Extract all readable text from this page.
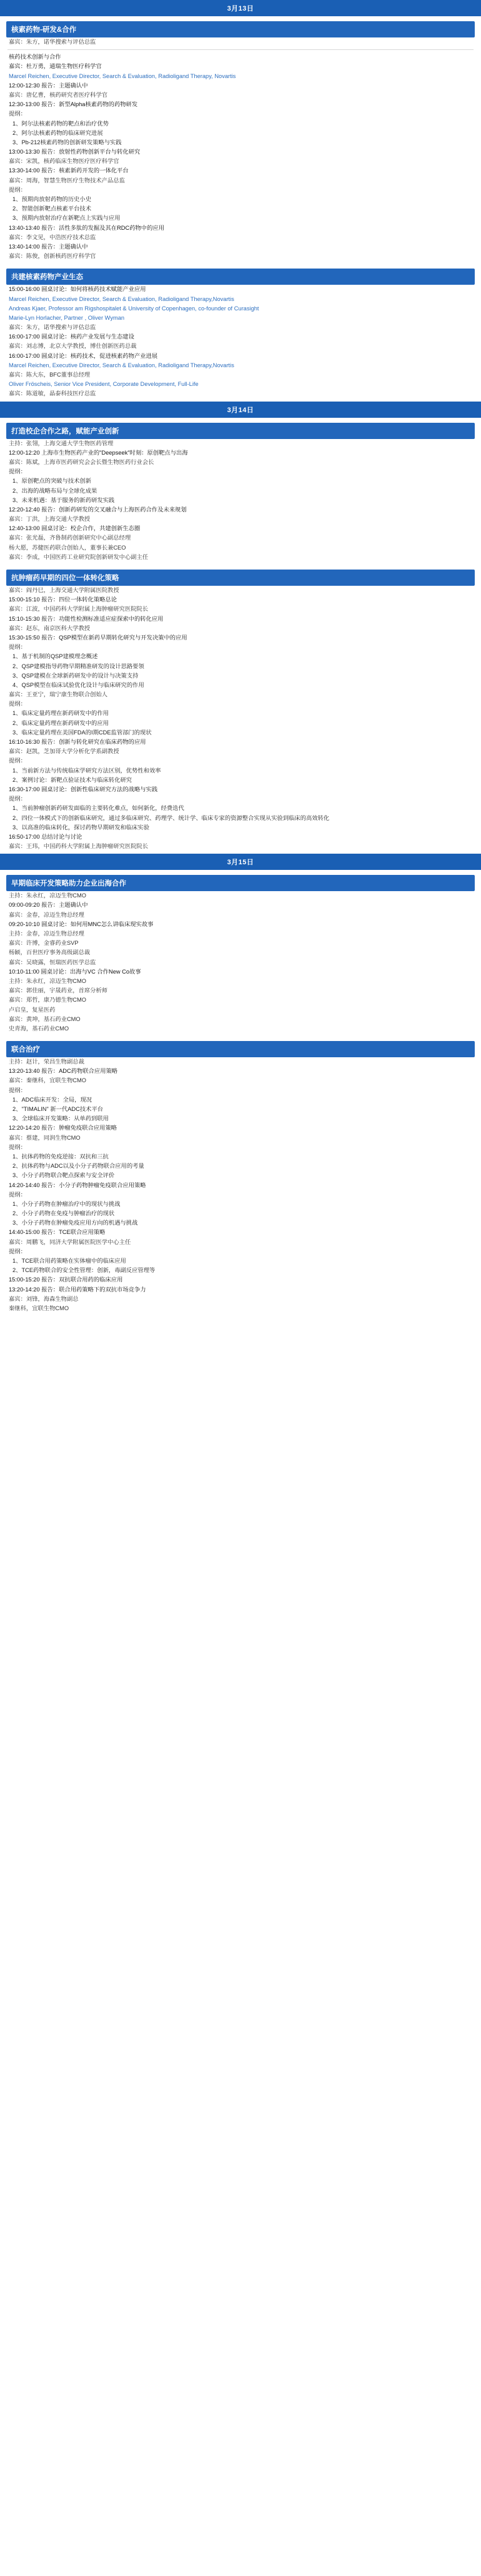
3月13日
核素药物-研发&合作
嘉宾：朱方，诺华搜索与评估总监
核药技术创新与合作
嘉宾：杜万勇，通瑞生物医疗科学官
Marcel Reichen, Executive Director, Search & Evaluation, Radioligand Therapy, Novartis
12:00-12:30 报告：主题确认中
嘉宾：唐亿曹，核药研究者医疗科学官
12:30-13:00 报告：新型Alpha核素药物的药物研发
提纲：
1、阿尔法核素药物的靶点和治疗优势
2、阿尔法核素药物的临床研究进展
3、Pb-212核素药物的创新研发策略与实践
13:00-13:30 报告：放射性药物创新平台与转化研究
嘉宾：宋凯，核药临床生物医疗医疗科学官
13:30-14:00 报告：核素新药开发的一体化平台
嘉宾：周海，智慧生物医疗生物技术产品总监
提纲：
1、预期肉放射药物的历史小史
2、智能创新靶点核素平台技术
3、预期内放射治疗在新靶点上实践与应用
13:40-13:40 报告：活性多肽的发掘及其在RDC药物中的应用
嘉宾：李文见，中浩医疗技术总监
13:40-14:00 报告：主题确认中
嘉宾：陈俊，创新核药医疗科学官
共建核素药物产业生态
15:00-16:00 圆桌讨论：如何将核药技术赋能产业应用
Marcel Reichen, Executive Director, Search & Evaluation, Radioligand Therapy,Novartis
Andreas Kjaer, Professor am Rigshospitalet & University of Copenhagen, co-founder of Curasight
Marie-Lyn Horlacher, Partner , Oliver Wyman
嘉宾：朱方，诺华搜索与评估总监
16:00-17:00 圆桌讨论：核药产业发展与生态建设
嘉宾：刘志博，北京大学教授，博仕创新医药总裁
16:00-17:00 圆桌讨论：核药技术，促进核素药物产业进展
Marcel Reichen, Executive Director, Search & Evaluation, Radioligand Therapy,Novartis
嘉宾：陈大东，BFC董事总经理
Oliver Fröscheis, Senior Vice President, Corporate Development, Full-Life
嘉宾：陈道敏，晶泰科技医疗总监
3月14日
打造校企合作之路，赋能产业创新
主持：张翎，上海交通大学生物医药管理
12:00-12:20 上海市生物医药产业的"Deepseek"时刻：原创靶点与出海
嘉宾：陈斌，上海市医药研究会会长暨生物医药行业会长
提纲：
1、原创靶点的突破与技术创新
2、出海的战略布局与全球化成果
3、未来机遇：基于服务的新药研发实践
12:20-12:40 报告：创新药研发的交叉融合与上海医药合作及未来规划
嘉宾：丁洪，上海交通大学教授
12:40-13:00 圆桌讨论：校企合作，共建创新生态圈
嘉宾：张光磊，齐鲁制药创新研究中心副总经理
杨大愿，苏健医药联合创始人，董事长兼CEO
嘉宾：李成，中国医药工业研究院创新研发中心副主任
抗肿瘤药早期的四位一体转化策略
嘉宾：阎丹巳，上海交通大学附属医院教授
15:00-15:10 报告：四位一体转化策略总论
嘉宾：江波，中国药科大学附属上海肿瘤研究医院院长
15:10-15:30 报告：功能性检测标准适应症探索中的转化应用
嘉宾：赵东，南京医科大学教授
15:30-15:50 报告：QSP模型在新药早期转化研究与开发决策中的应用
提纲：
1、基于机制的QSP建模理念概述
2、QSP建模指导药物早期精准研发的设计思路要领
3、QSP建模在全球新药研发中的设计与决策支持
4、QSP模型在临床试验优化设计与临床研究的作用
嘉宾：王亚宁，瑞宁康生物联合创始人
提纲：
1、临床定量药理在新药研发中的作用
2、临床定量药理在新药研发中的应用
3、临床定量药理在美国FDA的I期CDE监管部门的现状
16:10-16:30 报告：创新与转化研究在临床药物的应用
嘉宾：赵凯，芝加哥大学分析化学系副教授
提纲：
1、当前新方法与传统临床学研究方法区别，优势性和效率
2、案例讨论：新靶点验证技术与临床转化研究
16:30-17:00 圆桌讨论：创新性临床研究方法的战略与实践
提纲：
1、当前肿瘤创新药研发面临的主要转化难点，如何新化，经费迭代
2、四位一体模式下的创新临床研究，通过多临床研究、药理学、统计学、临床专家的资源整合实现从实验到临床的高效转化
3、以高准的临床转化，探讨药物早期研发和临床实验
16:50-17:00 总结讨论与讨论
嘉宾：王玮，中国药科大学附属上海肿瘤研究医院院长
3月15日
早期临床开发策略助力企业出海合作
主持：朱永红，凉迈生物CMO
09:00-09:20 报告：主题确认中
嘉宾：金春，凉迈生物总经理
09:20-10:10 圆桌讨论：如何用MNC怎么讲临床现实故事
主持：金春，凉迈生物总经理
嘉宾：许博，金睿药业SVP
杨颖，百世医疗事务高级副总裁
嘉宾：吴晓露，恒瑞医药医学总监
10:10-11:00 圆桌讨论：出海与VC 合作New Co故事
主持：朱永红，凉迈生物CMO
嘉宾：郭佳丽，宇晟药业，首席分析师
嘉宾：郑哲，康乃德生物CMO
卢启皇，复星医药
嘉宾：黄坤，基石药业CMO
史青海，基石药业CMO
联合治疗
主持：赵计，荣昌生物副总裁
13:20-13:40 报告：ADC药物联合应用策略
嘉宾：秦继科，宜联生物CMO
提纲：
1、ADC临床开发：全局，现况
2、"TIMALIN" 新一代ADC技术平台
3、全球临床开发策略：从单药到联用
12:20-14:20 报告：肿瘤免疫联合应用策略
嘉宾：蔡建，同润生物CMO
提纲：
1、抗体药物的免疫逆接：双抗和三抗
2、抗体药物与ADC以及小分子药物联合应用的考量
3、小分子药物联合靶点探索与安全评价
14:20-14:40 报告：小分子药物肿瘤免疫联合应用策略
提纲：
1、小分子药物在肿瘤治疗中的现状与挑战
2、小分子药物在免疫与肿瘤治疗的现状
3、小分子药物在肿瘤免疫应用方向的机遇与挑战
14:40-15:00 报告：TCE联合应用策略
嘉宾：周鹏飞，同济大学附属医院医学中心主任
提纲：
1、TCE联合用药策略在实体瘤中的临床应用
2、TCE药物联合的安全性管理：创新，毒副反应管理等
15:00-15:20 报告：双抗联合用药的临床应用
13:20-14:20 报告：联合用药策略下的双抗市场竞争力
嘉宾：刘锋，海森生物副总
秦继科，宜联生物CMO
